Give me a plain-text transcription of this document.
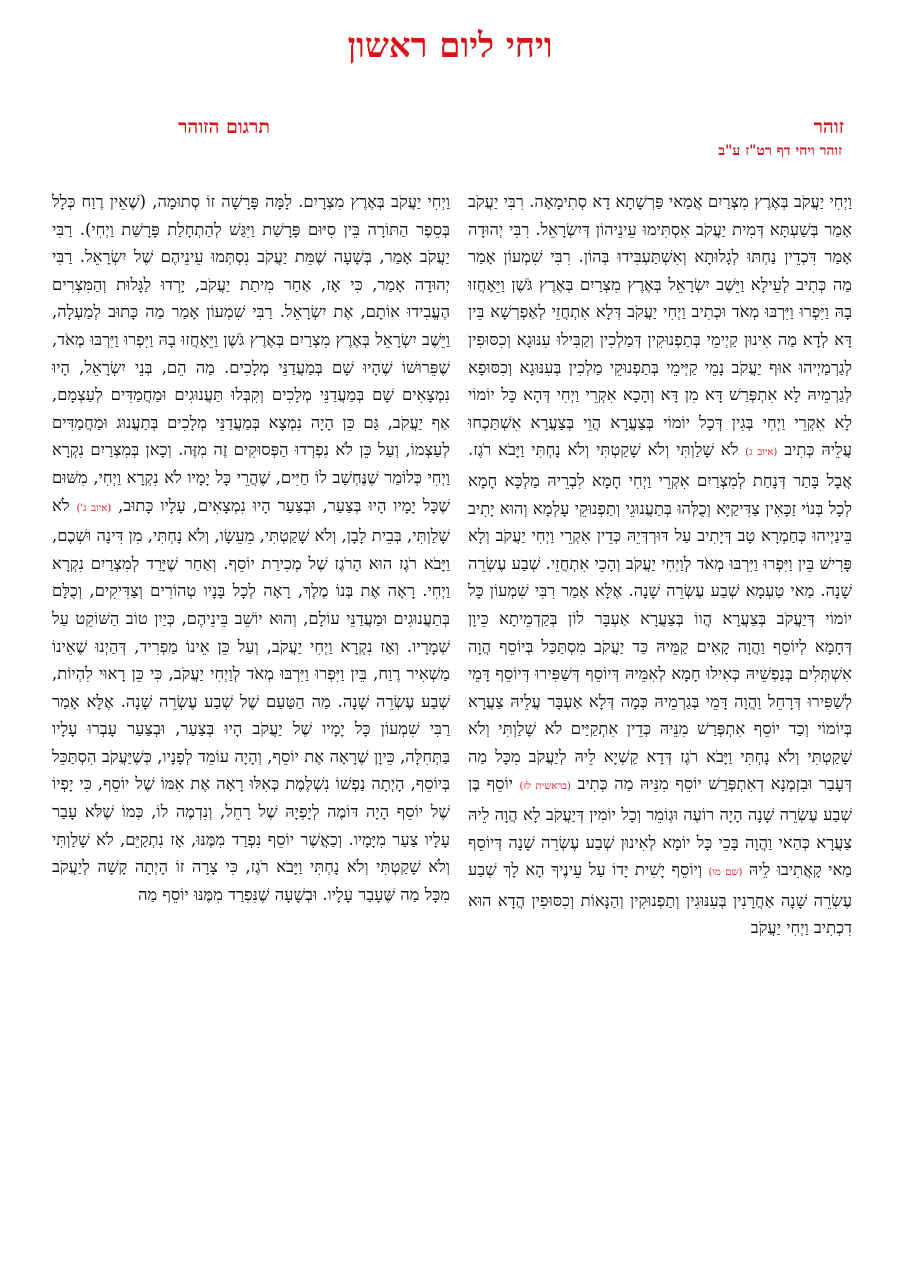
ויחי ליום ראשון
זוהר
תרגום הזוהר
זוהר ויחי דף רט"ז ע"ב
וַיְחִי יַעֲקֹב בְּאֶרֶץ מִצְרַיִם אֲמַאי פַּרְשָׁתָא דָא סְתִימָאָה. רִבִּי יַעֲקֹב אָמַר בְּשַׁעְתָּא דְּמִית יַעֲקֹב אִסְתִּימוּ עֵינֵיהוֹן דְּיִשְׂרָאֵל. רִבִּי יְהוּדָה אָמַר דִּכְדֵין נַחְתּוּ לְגָלוּתָא וְאִשְׁתַּעְבִּידוּ בְּהוֹן. רִבִּי שִׁמְעוֹן אָמַר מַה כְּתִיב לְעֵילָא וַיֵּשֶׁב יִשְׂרָאֵל בְּאֶרֶץ מִצְרַיִם בְּאֶרֶץ גֹּשֶׁן וַיֵּאָחֲזוּ בָהּ וַיִּפְרוּ וַיִּרְבּוּ מְאֹד וּכְתִיב וַיְחִי יַעֲקֹב דְּלָא אִתְחֲזֵי לְאַפְרְשָׁא בֵּין דָּא לְדָא מַה אִינוּן קַיְימֵי בְּתַפְנוּקִין דְּמַלְכִין וְקַבִּילוּ עִנּוּגָא וְכִסּוּפִין לְגַרְמַיְיהוּ אוּף יַעֲקֹב נָמֵי קַיְּימֵי בְּתַפְנוּקֵי מַלְכִין בְּעִנּוּגָא וְכִסּוּפָא לְגַרְמֵיהּ לָא אִתְפְּרַשׁ דָּא מִן דָּא וְהָכָא אִקְרֵי וַיְחִי דְּהָא כָּל יוֹמוֹי לָא אִקְרֵי וַיְחִי בְּגִין דְּכָל יוֹמוֹי בְּצַעֲרָא הֲוֵי בְּצַעֲרָא אִשְׁתַּכְחוּ עֲלֵיהּ כְּתִיב (איוב ג) לֹא שָׁלַוְתִּי וְלֹא שָׁקַטְתִּי וְלֹא נָחְתִּי וַיָּבֹא רֹגֶז. אֲבָל בָּתַר דְּנָחַת לְמִצְרַיִם אִקְרֵי וַיְחִי חָמָא לִבְרֵיהּ מַלְכָּא חָמָא לְכָל בְּנוֹי זַכָּאִין צַדִּיקַיָּא וְכֻלְּהוּ בְּתַעֲנוּגֵי וְתַפְנוּקֵי עָלְמָא וְהוּא יָתִיב בֵּינַיְיהוּ כְּחַמְרָא טָב דְּיָתִיב עַל דּוּרְדְּיֵהּ כְּדֵין אִקְרֵי וַיְחִי יַעֲקֹב וְלָא פָּרִישׁ בֵּין וַיִּפְרוּ וַיִּרְבּוּ מְאֹד לְוַיְחִי יַעֲקֹב וְהָכֵי אִתְחֲזֵי. שְׁבַע עֶשְׂרֵה שָׁנָה. מַאי טַעְמָא שְׁבַע עֶשְׂרֵה שָׁנָה. אֶלָּא אָמַר רִבִּי שִׁמְעוֹן כָּל יוֹמוֹי דְּיַעֲקֹב בְּצַעֲרָא הֲווֹ בְּצַעֲרָא אַעְבָּר לוֹן בְּקַדְמֵיתָא כֵּיוָן דְּחָמָא לְיוֹסֵף וַהֲוָה קָאִים קַמֵּיהּ כַּד יַעֲקֹב מִסְתַּכַּל בְּיוֹסֵף הֲוָה אִשְׁתְּלִים בְּנַפְשֵׁיהּ כְּאִילוּ חָמָא לְאִמֵּיהּ דְּיוֹסֵף דְּשַׁפִּירוּ דְּיוֹסֵף דָּמֵי לְשַׁפִּירוּ דְּרָחֵל וַהֲוָה דָּמֵי בְּגַרְמֵיהּ כְּמָה דְּלָא אַעְבָּר עֲלֵיהּ צַעֲרָא בְּיוֹמוֹי וְכַד יוֹסֵף אִתְפְּרַשׁ מִנֵּיהּ כְּדֵין אִתְקַיַּים לֹא שָׁלַוְתִּי וְלֹא שָׁקַטְתִּי וְלֹא נָחְתִּי וַיָּבֹא רֹגֶז דְּדָא קַשְׁיָא לֵיהּ לְיַעֲקֹב מִכָּל מַה דְּעָבַר וּבִזְמְנָא דְאִתְפְּרַשׁ יוֹסֵף מִנֵּיהּ מַה כְּתִיב (בראשית לז) יוֹסֵף בֶּן שְׁבַע עֶשְׂרֵה שָׁנָה הָיָה רוֹעֶה וּגְוֹמֵר וְכָל יוֹמִין דְּיַעֲקֹב לָא הֲוָה לֵיהּ צַעֲרָא כְּהַאי וַהֲוָה בָּכֵי כָּל יוֹמָא לְאִינוּן שְׁבַע עֶשְׂרֵה שָׁנָה דְּיוֹסֵף מַאי קָאֲתִיבוּ לֵיהּ (שם מו) וְיוֹסֵף יָשִׁית יָדוֹ עַל עֵינֶיךָ הָא לָךְ שְׁבַע עֶשְׂרֵה שָׁנָה אַחֲרָנִין בְּעִנּוּגִין וְתַפְנוּקִין וְהַנָּאוֹת וְכִסּוּפִין הֲדָא הוּא דִכְתִיב וַיְחִי יַעֲקֹב
וַיְחִי יַעֲקֹב בְּאֶרֶץ מִצְרָיִם. לָמָּה פָּרָשָׁה זוֹ סְתוּמָה, (שֶׁאֵין רֶוַח כְּלָל בְּסֵפֶר הַתּוֹרָה בֵּין סִיּוּם פָּרָשַׁת וַיִּגַּשׁ לְהַתְחָלַת פָּרָשַׁת וַיְחִי). רַבִּי יַעֲקֹב אָמַר, בְּשָׁעָה שֶׁמֵּת יַעֲקֹב נִסְתְּמוּ עֵינֵיהֶם שֶׁל יִשְׂרָאֵל. רַבִּי יְהוּדָה אָמַר, כִּי אָז, אַחַר מִיתַת יַעֲקֹב, יָרְדוּ לַגָּלוּת וְהַמִּצְרִים הֶעֱבִידוּ אוֹתָם, אֶת יִשְׂרָאֵל. רַבִּי שִׁמְעוֹן אָמַר מַה כָּתוּב לְמַעְלָה, וַיֵּשֶׁב יִשְׂרָאֵל בְּאֶרֶץ מִצְרַיִם בְּאֶרֶץ גֹּשֶׁן וַיֵּאָחֲזוּ בָהּ וַיִּפְרוּ וַיִּרְבּוּ מְאֹד, שֶׁפֵּרוּשׁוֹ שֶׁהָיוּ שָׁם בְּמַעֲדַנֵּי מְלָכִים. מַה הֵם, בְּנֵי יִשְׂרָאֵל, הָיוּ נִמְצָאִים שָׁם בְּמַעֲדַנֵּי מְלָכִים וְקִבְּלוּ תַּעֲנוּגִים וּמַחֲמַדִּים לְעַצְמָם, אַף יַעֲקֹב, גַּם כֵּן הָיָה נִמְצָא בְּמַעֲדַנֵּי מְלָכִים בְּתַעֲנוּג וּמַחֲמַדִּים לְעַצְמוֹ, וְעַל כֵּן לֹא נִפְרְדוּ הַפְּסוּקִים זֶה מִזֶּה. וְכָאן בְּמִצְרַיִם נִקְרָא וַיְחִי כְּלוֹמַר שֶׁנֶּחְשַׁב לוֹ חַיִּים, שֶׁהֲרֵי כָּל יָמָיו לֹא נִקְרָא וַיְחִי, מִשּׁוּם שֶׁכָּל יָמָיו הָיוּ בְּצַעַר, וּבְצַעַר הָיוּ נִמְצָאִים, עָלָיו כָּתוּב, (איוב ג') לֹא שָׁלַוְתִּי, בְּבֵית לָבָן, וְלֹא שָׁקַטְתִּי, מֵעֵשָׂו, וְלֹא נָחְתִּי, מִן דִּינָה וּשְׁכֶם, וַיָּבֹא רֹגֶז הוּא הָרֹגֶז שֶׁל מְכִירַת יוֹסֵף. וְאַחַר שֶׁיָּרַד לְמִצְרַיִם נִקְרָא וַיְחִי. רָאָה אֶת בְּנוֹ מֶלֶךְ, רָאָה לְכָל בָּנָיו טְהוֹרִים וְצַדִּיקִים, וְכֻלָּם בְּתַעֲנוּגִים וּמַעֲדַנֵּי עוֹלָם, וְהוּא יוֹשֵׁב בֵּינֵיהֶם, כְּיַיִן טוֹב הַשּׁוֹקֵט עַל שְׁמָרָיו. וְאָז נִקְרָא וַיְחִי יַעֲקֹב, וְעַל כֵּן אֵינוֹ מַפְרִיד, דְּהַיְנוּ שֶׁאֵינוֹ מַשְׁאִיר רֶוַח, בֵּין וַיִּפְרוּ וַיִּרְבּוּ מְאֹד לְוַיְחִי יַעֲקֹב, כִּי כֵּן רָאוּי לִהְיוֹת, שְׁבַע עֶשְׂרֵה שָׁנָה. מַה הַטַּעַם שֶׁל שְׁבַע עֶשְׂרֵה שָׁנָה. אֶלָּא אָמַר רַבִּי שִׁמְעוֹן כָּל יָמָיו שֶׁל יַעֲקֹב הָיוּ בְּצַעַר, וּבְצַעַר עָבְרוּ עָלָיו בַּתְּחִלָּה, כֵּיוָן שֶׁרָאָה אֶת יוֹסֵף, וְהָיָה עוֹמֵד לְפָנָיו, כְּשֶׁיַּעֲקֹב הִסְתַּכֵּל בְּיוֹסֵף, הָיְתָה נַפְשׁוֹ נִשְׁלֶמֶת כְּאִלּוּ רָאָה אֶת אִמּוֹ שֶׁל יוֹסֵף, כִּי יָפְיוֹ שֶׁל יוֹסֵף הָיָה דּוֹמֶה לְיָפְיָהּ שֶׁל רָחֵל, וְנִדְמֶה לוֹ, כְּמוֹ שֶׁלֹּא עָבַר עָלָיו צַעַר מִיָּמָיו. וְכַאֲשֶׁר יוֹסֵף נִפְרַד מִמֶּנּוּ, אָז נִתְקַיֵּם, לֹא שָׁלַוְתִּי וְלֹא שָׁקַטְתִּי וְלֹא נָחְתִּי וַיָּבֹא רֹגֶז, כִּי צָרָה זוֹ הָיְתָה קָשָׁה לְיַעֲקֹב מִכָּל מַה שֶּׁעָבַר עָלָיו. וּבְשָׁעָה שֶׁנִּפְרַד מִמֶּנּוּ יוֹסֵף מַה
